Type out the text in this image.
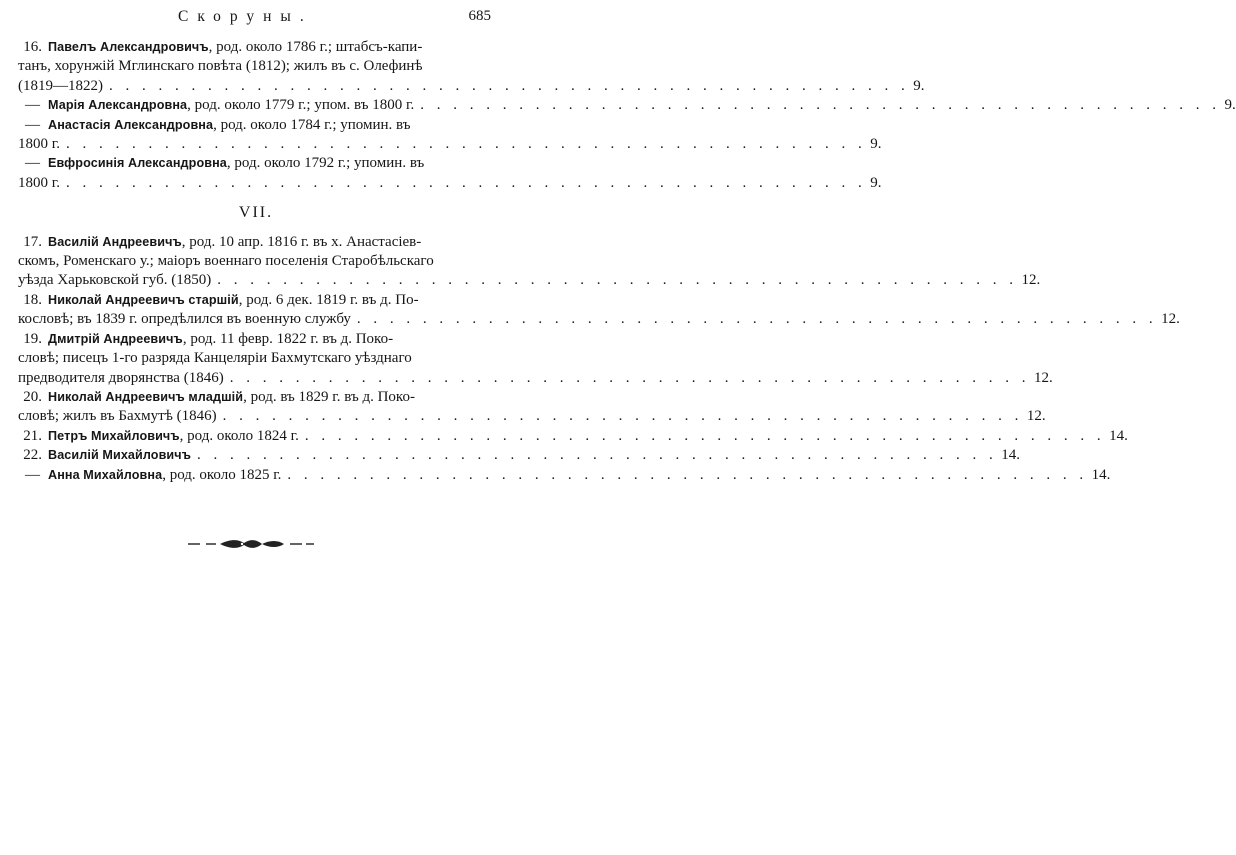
Скоруны.	685
16. Павелъ Александровичъ, род. около 1786 г.; штабсъ-капи-
танъ, хорунжій Мглинскаго повѣта (1812); жилъ въ с. Олефинѣ
(1819—1822) . . . . . . . . . . . . . . . . . . . . . . . . . . . . . . . . . . . . . . . . . . . . . . . . . 9.
— Марія Александровна, род. около 1779 г.; упом. въ 1800 г. . . . . . . . . . . . . . . . . . . . . . . . . . . . . . . . . . . . . . . . . . . . . . . . . . 9.
— Анастасія Александровна, род. около 1784 г.; упомин. въ
1800 г. . . . . . . . . . . . . . . . . . . . . . . . . . . . . . . . . . . . . . . . . . . . . . . . . . 9.
— Евфросинія Александровна, род. около 1792 г.; упомин. въ
1800 г. . . . . . . . . . . . . . . . . . . . . . . . . . . . . . . . . . . . . . . . . . . . . . . . . . 9.
VII.
17. Василій Андреевичъ, род. 10 апр. 1816 г. въ х. Анастасіев-
скомъ, Роменскаго у.; маіоръ военнаго поселенія Старобѣльскаго
уѣзда Харьковской губ. (1850) . . . . . . . . . . . . . . . . . . . . . . . . . . . . . . . . . . . . . . . . . . . . . . . . . 12.
18. Николай Андреевичъ старшій, род. 6 дек. 1819 г. въ д. По-
кословѣ; въ 1839 г. опредѣлился въ военную службу . . . . . . . . . . . . . . . . . . . . . . . . . . . . . . . . . . . . . . . . . . . . . . . . . 12.
19. Дмитрій Андреевичъ, род. 11 февр. 1822 г. въ д. Поко-
словѣ; писецъ 1-го разряда Канцеляріи Бахмутскаго уѣзднаго
предводителя дворянства (1846) . . . . . . . . . . . . . . . . . . . . . . . . . . . . . . . . . . . . . . . . . . . . . . . . . 12.
20. Николай Андреевичъ младшій, род. въ 1829 г. въ д. Поко-
словѣ; жилъ въ Бахмутѣ (1846) . . . . . . . . . . . . . . . . . . . . . . . . . . . . . . . . . . . . . . . . . . . . . . . . . 12.
21. Петръ Михайловичъ, род. около 1824 г. . . . . . . . . . . . . . . . . . . . . . . . . . . . . . . . . . . . . . . . . . . . . . . . . . 14.
22. Василій Михайловичъ . . . . . . . . . . . . . . . . . . . . . . . . . . . . . . . . . . . . . . . . . . . . . . . . . 14.
— Анна Михайловна, род. около 1825 г. . . . . . . . . . . . . . . . . . . . . . . . . . . . . . . . . . . . . . . . . . . . . . . . . . 14.
